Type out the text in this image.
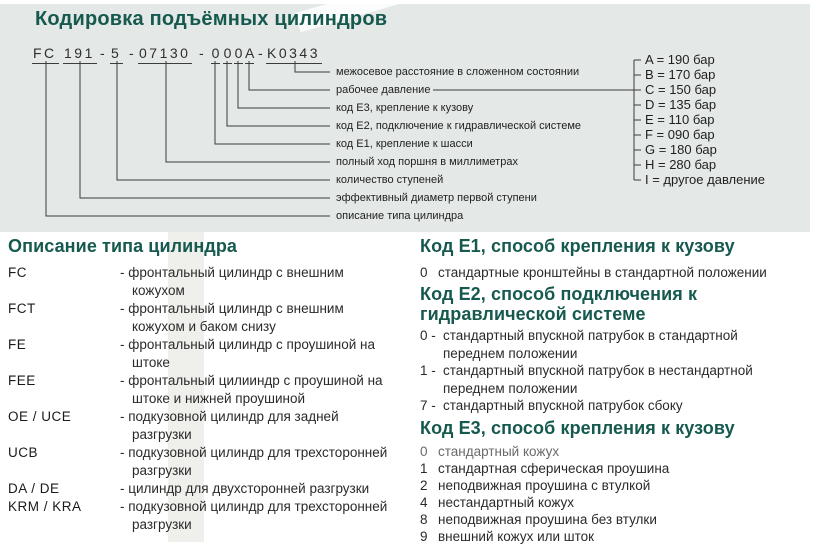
Кодировка подъёмных цилиндров
FC 191 - 5 - 07130 - 0 0 0 A - K0343
межосевое расстояние в сложенном состоянии
рабочее давление
код Е3, крепление к кузову
код Е2, подключение к гидравлической системе
код Е1, крепление к шасси
полный ход поршня в миллиметрах
количество ступеней
эффективный диаметр первой ступени
описание типа цилиндра
A = 190 бар
B = 170 бар
C = 150 бар
D = 135 бар
E = 110 бар
F = 090 бар
G = 180 бар
H = 280 бар
I = другое давление
Описание типа цилиндра
FC	- фронтальный цилиндр с внешним
кожухом
FCT	- фронтальный цилиндр с внешним
кожухом и баком снизу
FE	- фронтальный цилиндр с проушиной на
штоке
FEE	- фронтальный цилииндр с проушиной на
штоке и нижней проушиной
OE / UCE	- подкузовной цилиндр для задней
разгрузки
UCB	- подкузовной цилиндр для трехсторонней
разгрузки
DA / DE	- цилиндр для двухсторонней разгрузки
KRM / KRA	- подкузовной цилиндр для трехсторонней
разгрузки
Код Е1, способ крепления к кузову
0 стандартные кронштейны в стандартной положении
Код Е2, способ подключения к
гидравлической системе
0 - стандартный впускной патрубок в стандартной
переднем положении
1 - стандартный впускной патрубок в нестандартной
переднем положении
7 - стандартный впускной патрубок сбоку
Код Е3, способ крепления к кузову
0 стандартный кожух
1 стандартная сферическая проушина
2 неподвижная проушина с втулкой
4 нестандартный кожух
8 неподвижная проушина без втулки
9 внешний кожух или шток
